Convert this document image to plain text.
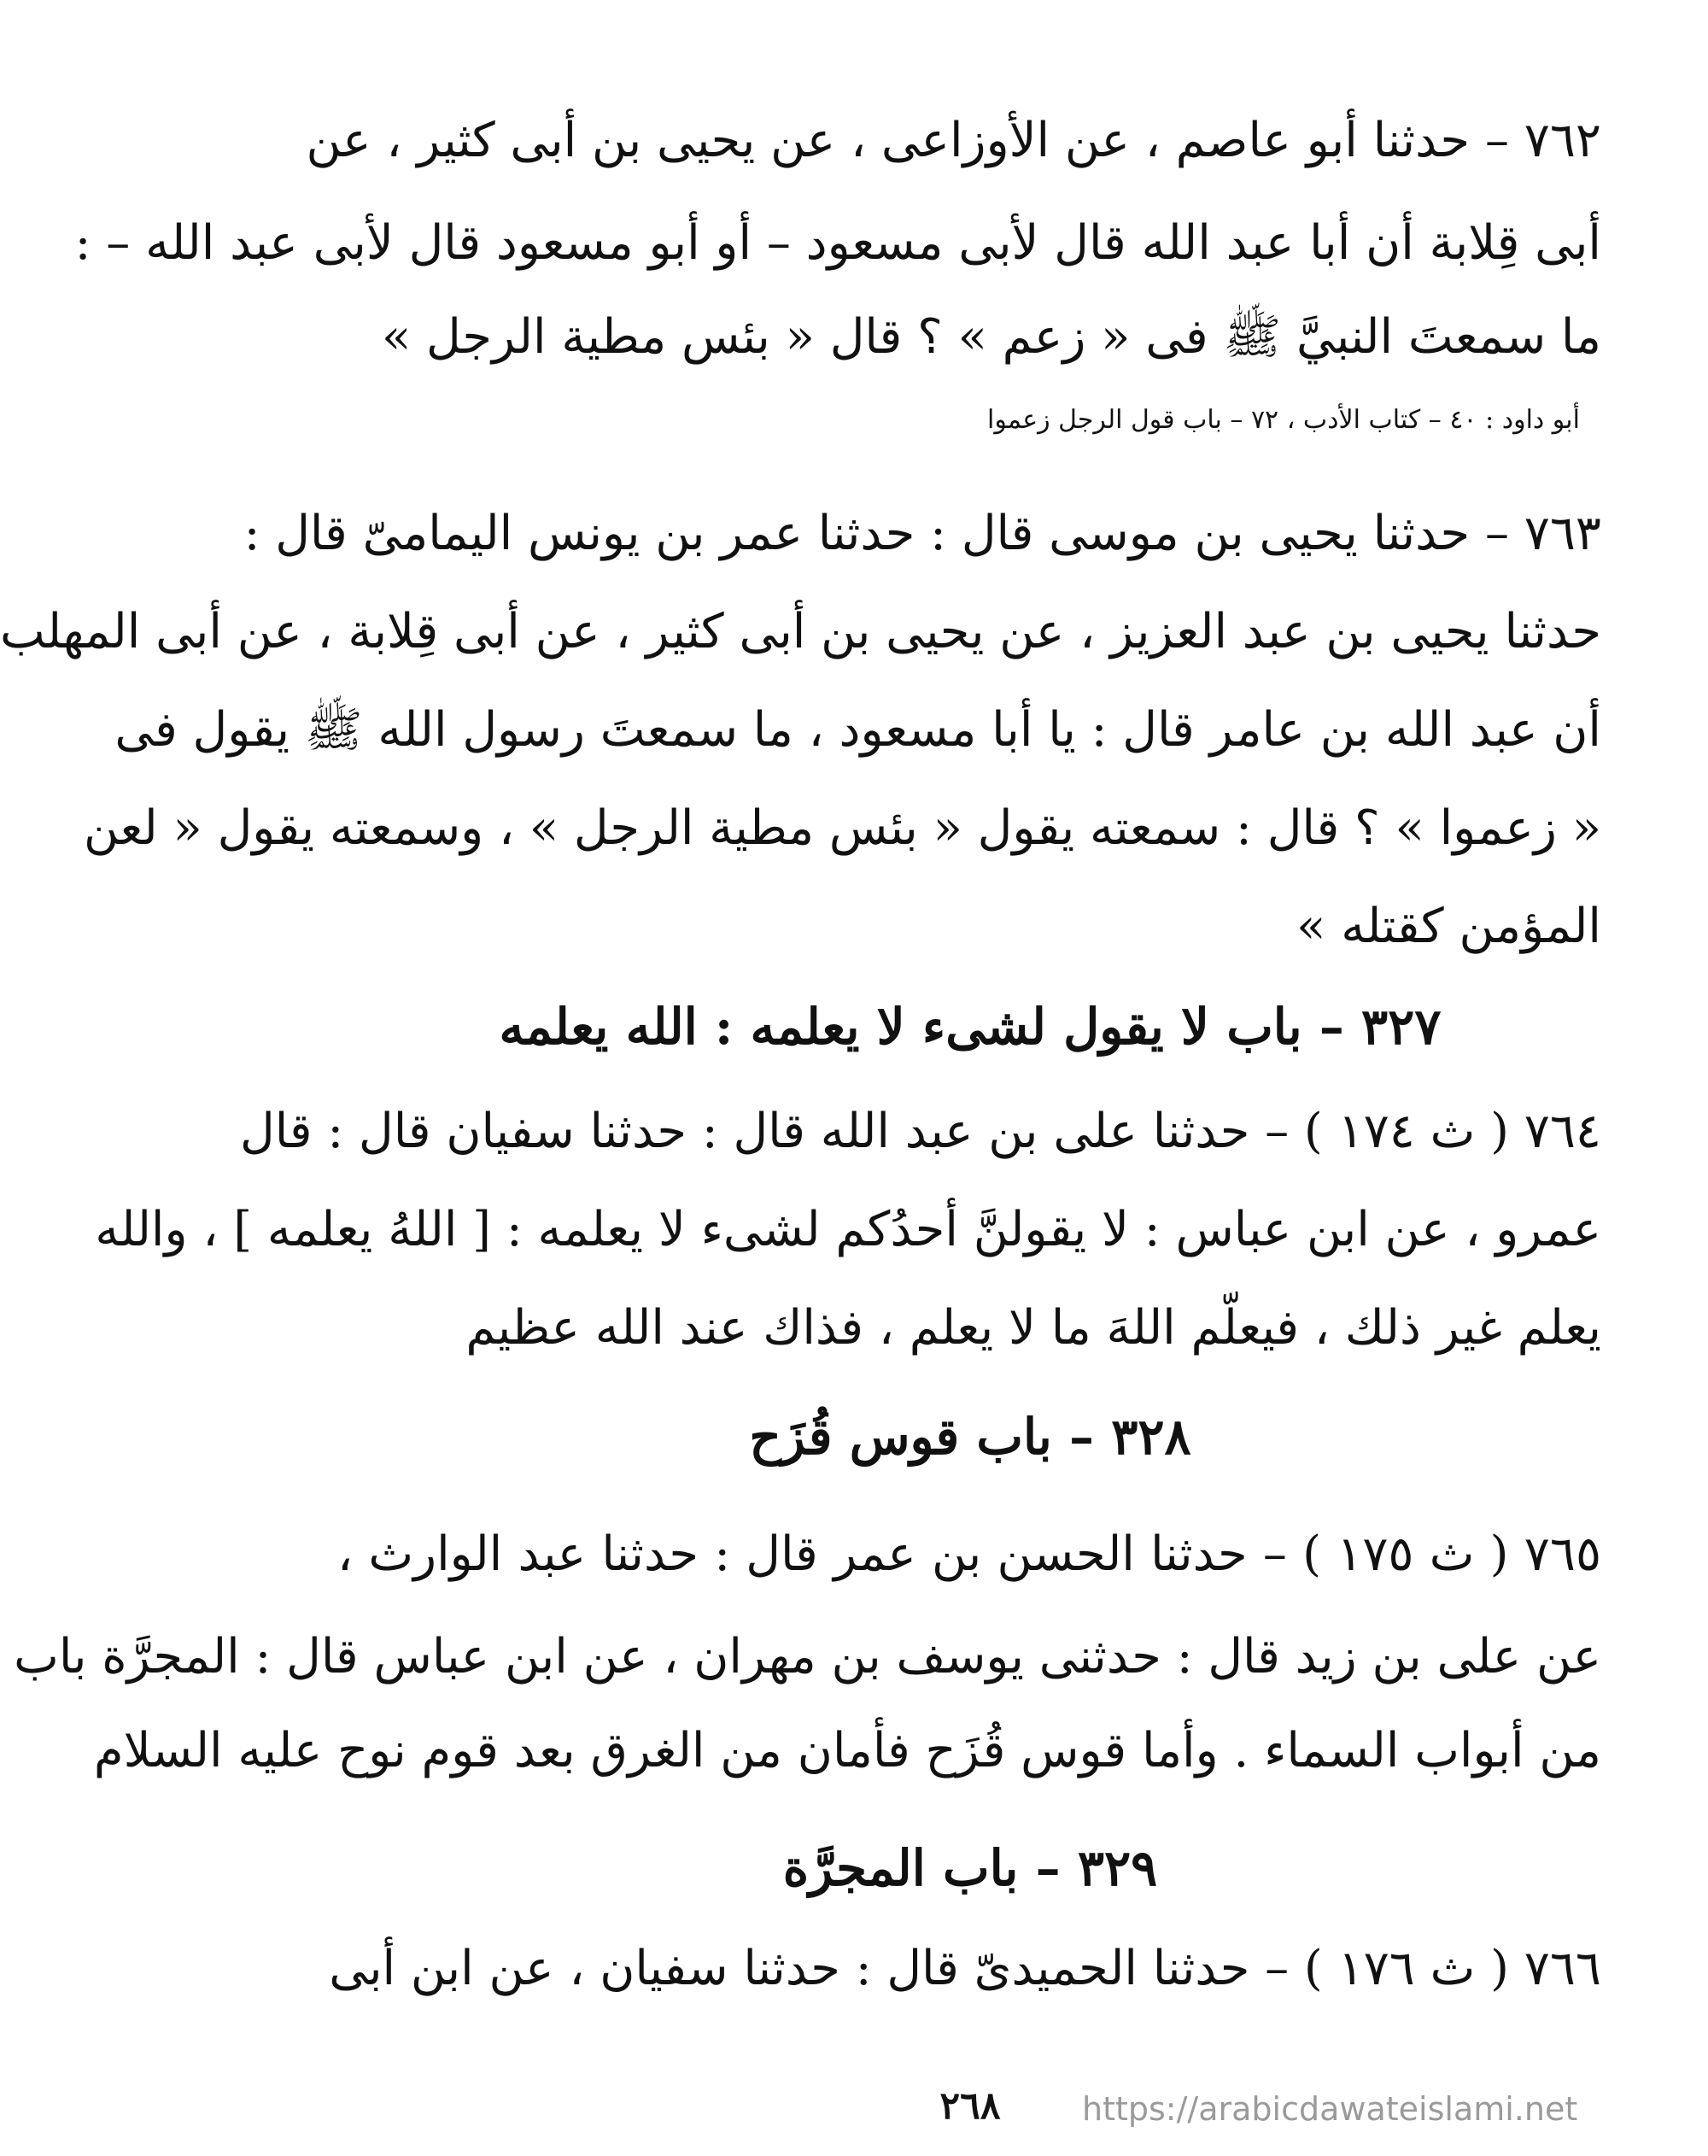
٧٦٢ – حدثنا أبو عاصم ، عن الأوزاعى ، عن يحيى بن أبى كثير ، عن
أبى قِلابة أن أبا عبد الله قال لأبى مسعود – أو أبو مسعود قال لأبى عبد الله – :
ما سمعتَ النبيَّ ﷺ فى « زعم » ؟ قال « بئس مطية الرجل »
أبو داود : ٤٠ – كتاب الأدب ، ٧٢ – باب قول الرجل زعموا
٧٦٣ – حدثنا يحيى بن موسى قال : حدثنا عمر بن يونس اليمامىّ قال :
حدثنا يحيى بن عبد العزيز ، عن يحيى بن أبى كثير ، عن أبى قِلابة ، عن أبى المهلب
أن عبد الله بن عامر قال : يا أبا مسعود ، ما سمعتَ رسول الله ﷺ يقول فى
« زعموا » ؟ قال : سمعته يقول « بئس مطية الرجل » ، وسمعته يقول « لعن
المؤمن كقتله »
٣٢٧ – باب لا يقول لشىء لا يعلمه : الله يعلمه
٧٦٤ ( ث ١٧٤ ) – حدثنا على بن عبد الله قال : حدثنا سفيان قال : قال
عمرو ، عن ابن عباس : لا يقولنَّ أحدُكم لشىء لا يعلمه : [ اللهُ يعلمه ] ، والله
يعلم غير ذلك ، فيعلّم اللهَ ما لا يعلم ، فذاك عند الله عظيم
٣٢٨ – باب قوس قُزَح
٧٦٥ ( ث ١٧٥ ) – حدثنا الحسن بن عمر قال : حدثنا عبد الوارث ،
عن على بن زيد قال : حدثنى يوسف بن مهران ، عن ابن عباس قال : المجرَّة باب
من أبواب السماء . وأما قوس قُزَح فأمان من الغرق بعد قوم نوح عليه السلام
٣٢٩ – باب المجرَّة
٧٦٦ ( ث ١٧٦ ) – حدثنا الحميدىّ قال : حدثنا سفيان ، عن ابن أبى
٢٦٨	https://arabicdawateislami.net
